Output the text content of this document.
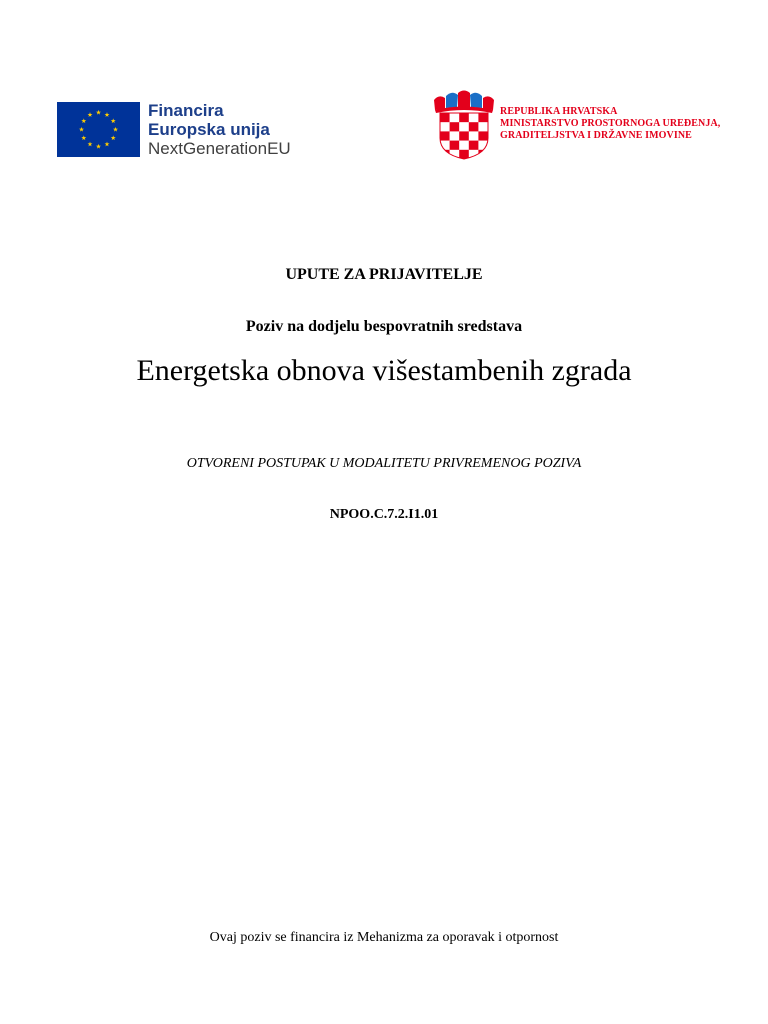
Financira
Europska unija
NextGenerationEU
REPUBLIKA HRVATSKA
MINISTARSTVO PROSTORNOGA UREĐENJA,
GRADITELJSTVA I DRŽAVNE IMOVINE
UPUTE ZA PRIJAVITELJE
Poziv na dodjelu bespovratnih sredstava
Energetska obnova višestambenih zgrada
OTVORENI POSTUPAK U MODALITETU PRIVREMENOG POZIVA
NPOO.C.7.2.I1.01
Ovaj poziv se financira iz Mehanizma za oporavak i otpornost
